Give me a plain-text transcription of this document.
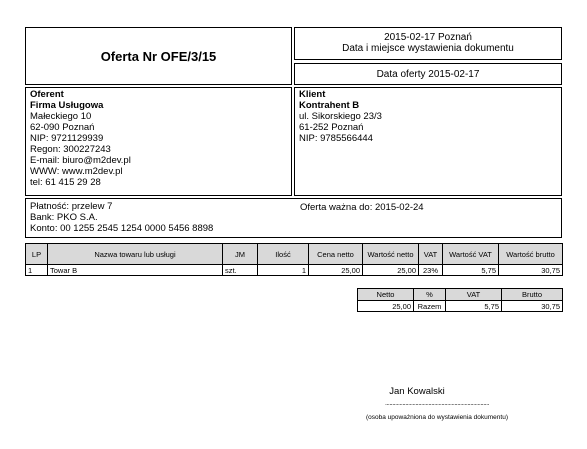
Oferta Nr OFE/3/15
2015-02-17 Poznań
Data i miejsce wystawienia dokumentu
Data oferty 2015-02-17
Oferent
Firma Usługowa
Małeckiego 10
62-090 Poznań
NIP: 9721129939
Regon: 300227243
E-mail: biuro@m2dev.pl
WWW: www.m2dev.pl
tel: 61 415 29 28
Klient
Kontrahent B
ul. Sikorskiego 23/3
61-252 Poznań
NIP: 9785566444
Płatność: przelew 7
Bank: PKO S.A.
Konto: 00 1255 2545 1254 0000 5456 8898
Oferta ważna do: 2015-02-24
LP	Nazwa towaru lub usługi	JM	Ilość	Cena netto	Wartość netto	VAT	Wartość VAT	Wartość brutto
1	Towar B	szt.	1	25,00	25,00	23%	5,75	30,75
Netto	%	VAT	Brutto
25,00	Razem	5,75	30,75
Jan Kowalski
........................................................................
(osoba upoważniona do wystawienia dokumentu)
